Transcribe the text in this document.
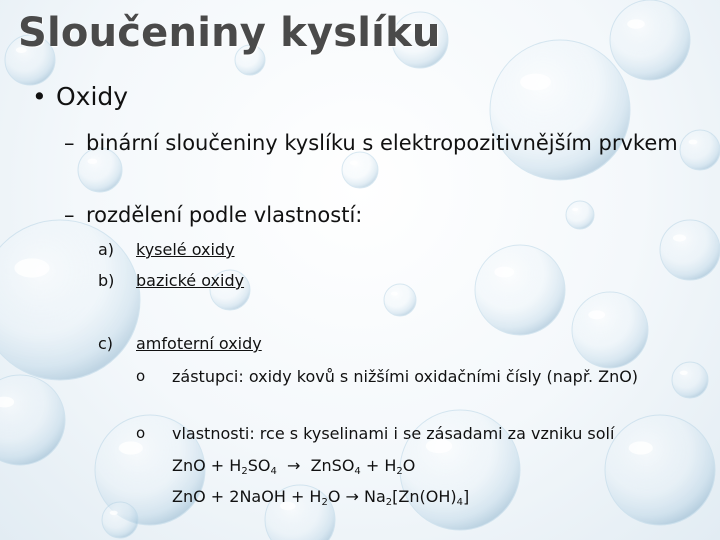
Sloučeniny kyslíku
• Oxidy
– binární sloučeniny kyslíku s elektropozitivnějším prvkem
– rozdělení podle vlastností:
a) kyselé oxidy
b) bazické oxidy
c) amfoterní oxidy
o	zástupci: oxidy kovů s nižšími oxidačními čísly (např. ZnO)
o	vlastnosti: rce s kyselinami i se zásadami za vzniku solí
ZnO + $H_2SO_4$  →  ZnSO$_4$ + $H_2O$
ZnO + 2NaOH + $H_2O \to Na_2[Zn(OH)_4]$
